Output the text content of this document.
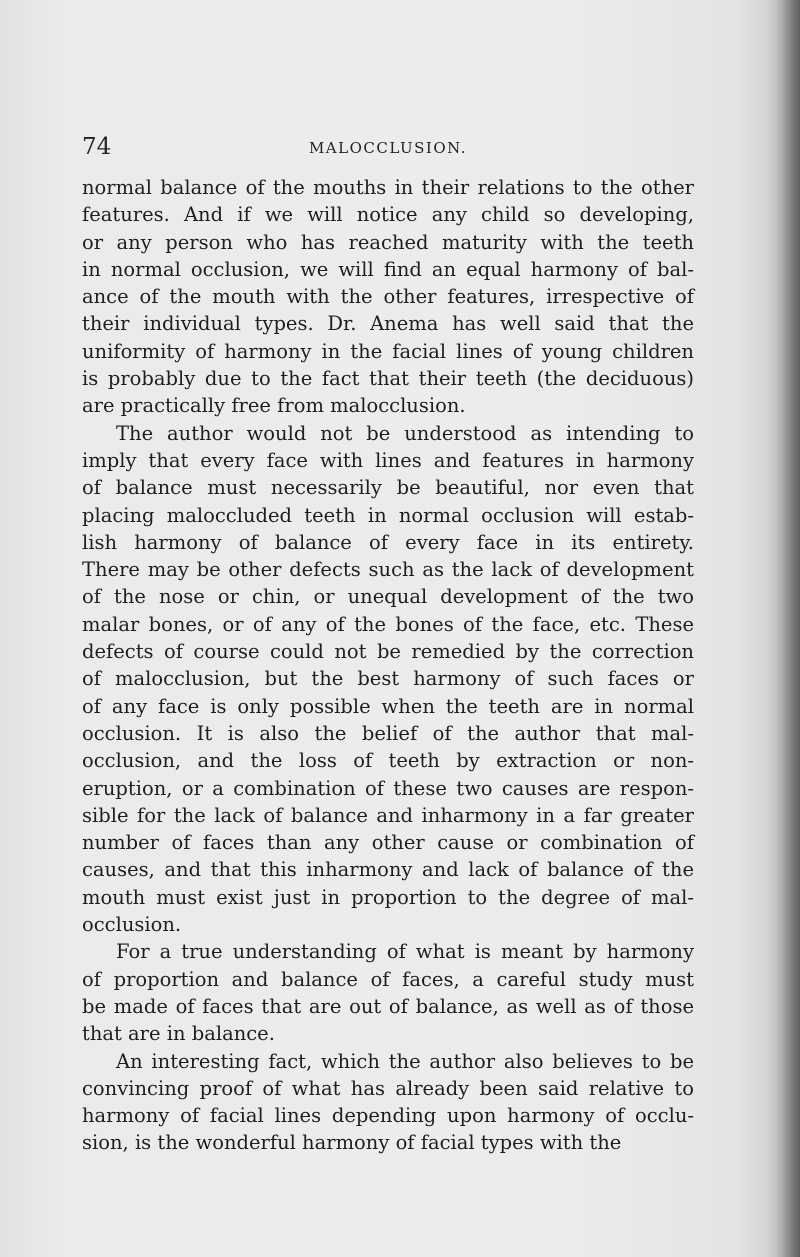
74	MALOCCLUSION.
normal balance of the mouths in their relations to the other
features. And if we will notice any child so developing,
or any person who has reached maturity with the teeth
in normal occlusion, we will find an equal harmony of bal-
ance of the mouth with the other features, irrespective of
their individual types. Dr. Anema has well said that the
uniformity of harmony in the facial lines of young children
is probably due to the fact that their teeth (the deciduous)
are practically free from malocclusion.
The author would not be understood as intending to
imply that every face with lines and features in harmony
of balance must necessarily be beautiful, nor even that
placing maloccluded teeth in normal occlusion will estab-
lish harmony of balance of every face in its entirety.
There may be other defects such as the lack of development
of the nose or chin, or unequal development of the two
malar bones, or of any of the bones of the face, etc. These
defects of course could not be remedied by the correction
of malocclusion, but the best harmony of such faces or
of any face is only possible when the teeth are in normal
occlusion. It is also the belief of the author that mal-
occlusion, and the loss of teeth by extraction or non-
eruption, or a combination of these two causes are respon-
sible for the lack of balance and inharmony in a far greater
number of faces than any other cause or combination of
causes, and that this inharmony and lack of balance of the
mouth must exist just in proportion to the degree of mal-
occlusion.
For a true understanding of what is meant by harmony
of proportion and balance of faces, a careful study must
be made of faces that are out of balance, as well as of those
that are in balance.
An interesting fact, which the author also believes to be
convincing proof of what has already been said relative to
harmony of facial lines depending upon harmony of occlu-
sion, is the wonderful harmony of facial types with the
